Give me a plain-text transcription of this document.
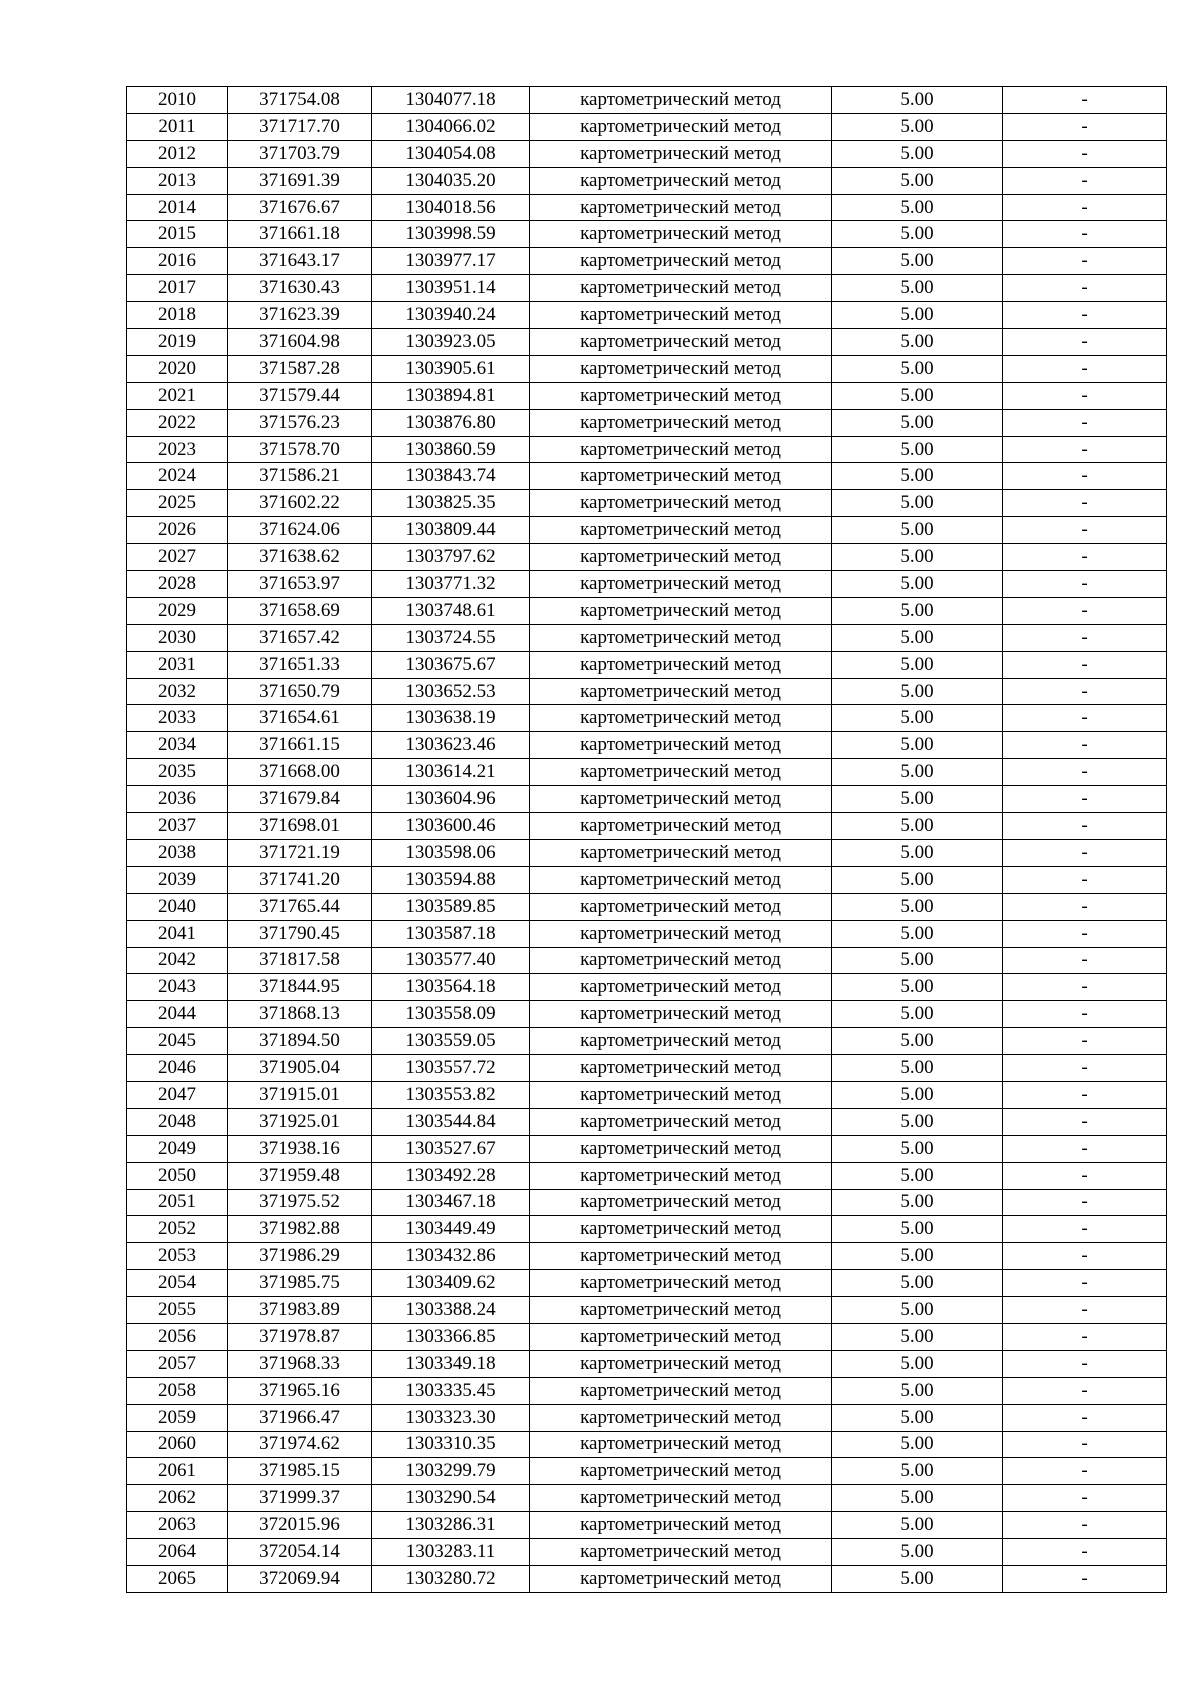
2010	371754.08	1304077.18	картометрический метод	5.00	-
2011	371717.70	1304066.02	картометрический метод	5.00	-
2012	371703.79	1304054.08	картометрический метод	5.00	-
2013	371691.39	1304035.20	картометрический метод	5.00	-
2014	371676.67	1304018.56	картометрический метод	5.00	-
2015	371661.18	1303998.59	картометрический метод	5.00	-
2016	371643.17	1303977.17	картометрический метод	5.00	-
2017	371630.43	1303951.14	картометрический метод	5.00	-
2018	371623.39	1303940.24	картометрический метод	5.00	-
2019	371604.98	1303923.05	картометрический метод	5.00	-
2020	371587.28	1303905.61	картометрический метод	5.00	-
2021	371579.44	1303894.81	картометрический метод	5.00	-
2022	371576.23	1303876.80	картометрический метод	5.00	-
2023	371578.70	1303860.59	картометрический метод	5.00	-
2024	371586.21	1303843.74	картометрический метод	5.00	-
2025	371602.22	1303825.35	картометрический метод	5.00	-
2026	371624.06	1303809.44	картометрический метод	5.00	-
2027	371638.62	1303797.62	картометрический метод	5.00	-
2028	371653.97	1303771.32	картометрический метод	5.00	-
2029	371658.69	1303748.61	картометрический метод	5.00	-
2030	371657.42	1303724.55	картометрический метод	5.00	-
2031	371651.33	1303675.67	картометрический метод	5.00	-
2032	371650.79	1303652.53	картометрический метод	5.00	-
2033	371654.61	1303638.19	картометрический метод	5.00	-
2034	371661.15	1303623.46	картометрический метод	5.00	-
2035	371668.00	1303614.21	картометрический метод	5.00	-
2036	371679.84	1303604.96	картометрический метод	5.00	-
2037	371698.01	1303600.46	картометрический метод	5.00	-
2038	371721.19	1303598.06	картометрический метод	5.00	-
2039	371741.20	1303594.88	картометрический метод	5.00	-
2040	371765.44	1303589.85	картометрический метод	5.00	-
2041	371790.45	1303587.18	картометрический метод	5.00	-
2042	371817.58	1303577.40	картометрический метод	5.00	-
2043	371844.95	1303564.18	картометрический метод	5.00	-
2044	371868.13	1303558.09	картометрический метод	5.00	-
2045	371894.50	1303559.05	картометрический метод	5.00	-
2046	371905.04	1303557.72	картометрический метод	5.00	-
2047	371915.01	1303553.82	картометрический метод	5.00	-
2048	371925.01	1303544.84	картометрический метод	5.00	-
2049	371938.16	1303527.67	картометрический метод	5.00	-
2050	371959.48	1303492.28	картометрический метод	5.00	-
2051	371975.52	1303467.18	картометрический метод	5.00	-
2052	371982.88	1303449.49	картометрический метод	5.00	-
2053	371986.29	1303432.86	картометрический метод	5.00	-
2054	371985.75	1303409.62	картометрический метод	5.00	-
2055	371983.89	1303388.24	картометрический метод	5.00	-
2056	371978.87	1303366.85	картометрический метод	5.00	-
2057	371968.33	1303349.18	картометрический метод	5.00	-
2058	371965.16	1303335.45	картометрический метод	5.00	-
2059	371966.47	1303323.30	картометрический метод	5.00	-
2060	371974.62	1303310.35	картометрический метод	5.00	-
2061	371985.15	1303299.79	картометрический метод	5.00	-
2062	371999.37	1303290.54	картометрический метод	5.00	-
2063	372015.96	1303286.31	картометрический метод	5.00	-
2064	372054.14	1303283.11	картометрический метод	5.00	-
2065	372069.94	1303280.72	картометрический метод	5.00	-
